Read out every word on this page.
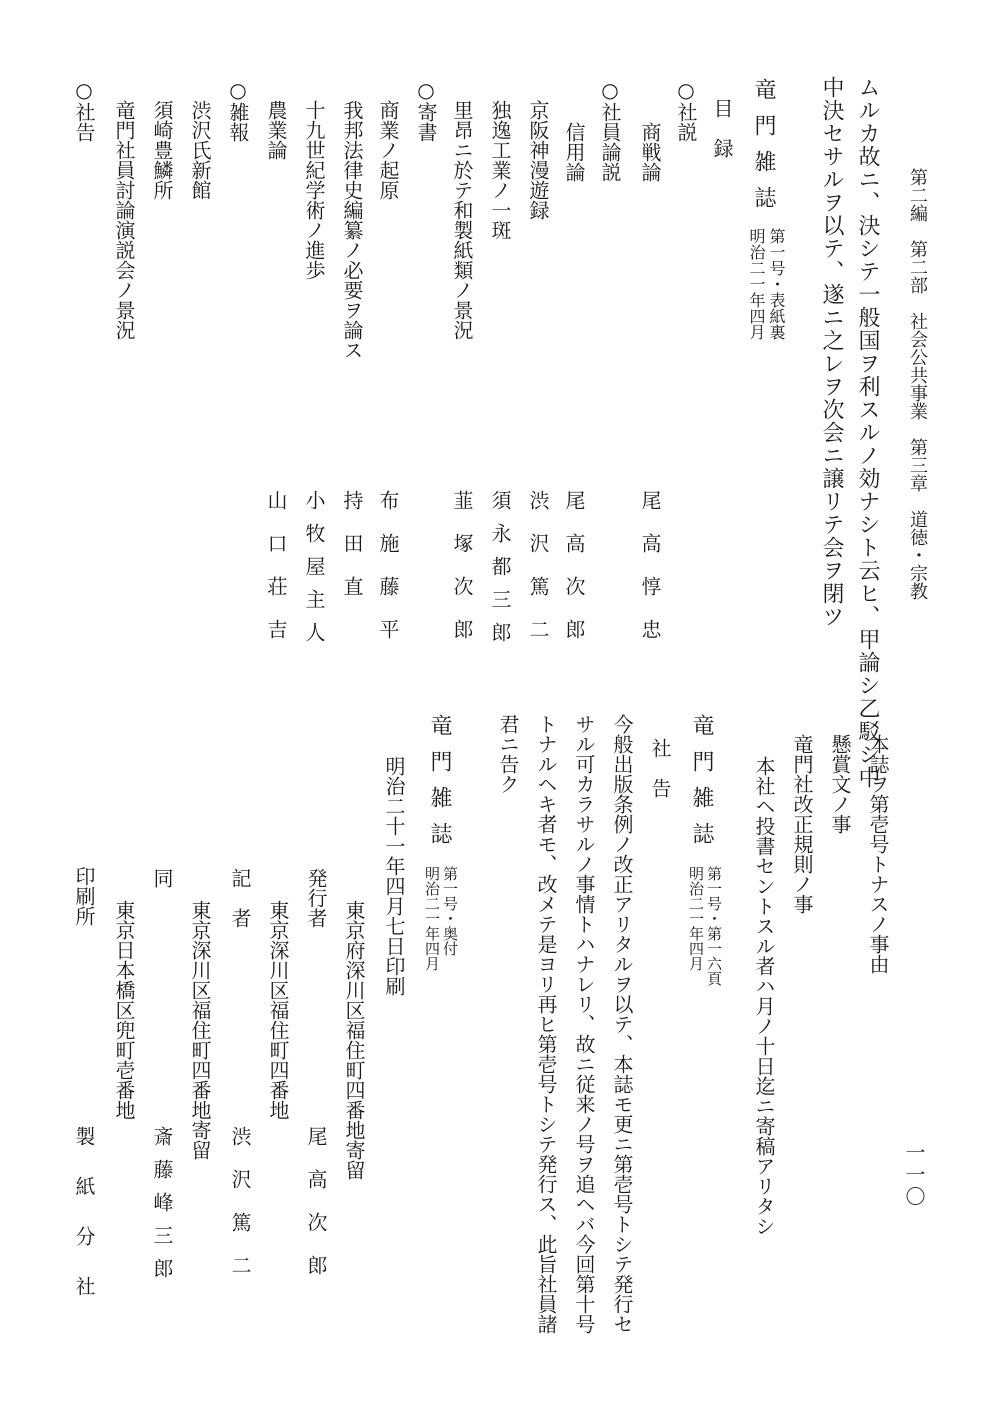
第二編　第二部　社会公共事業　第三章　道徳・宗教
一一〇
ムルカ故ニ、決シテ一般国ヲ利スルノ効ナシト云ヒ、甲論シ乙駁シ中
中決セサルヲ以テ、遂ニ之レヲ次会ニ譲リテ会ヲ閉ツ
竜門雑誌
第一号・表紙裏
明治二一年四月
目　録
○社説
商戦論
尾高惇忠
○社員論説
信用論
尾高次郎
京阪神漫遊録
渋沢篤二
独逸工業ノ一斑
須永都三郎
里昂ニ於テ和製紙類ノ景況
韮塚次郎
○寄書
商業ノ起原
布施藤平
我邦法律史編纂ノ必要ヲ論ス
持田直
十九世紀学術ノ進歩
小牧屋主人
農業論
山口荘吉
○雑報
渋沢氏新館
須崎豊鱗所
竜門社員討論演説会ノ景況
○社告
本誌ヲ第壱号トナスノ事由
懸賞文ノ事
竜門社改正規則ノ事
本社ヘ投書セントスル者ハ月ノ十日迄ニ寄稿アリタシ
竜門雑誌
第一号・第一六頁
明治二一年四月
社　告
今般出版条例ノ改正アリタルヲ以テ、本誌モ更ニ第壱号トシテ発行セ
サル可カラサルノ事情トハナレリ、故ニ従来ノ号ヲ追ヘバ今回第十号
トナルヘキ者モ、改メテ是ヨリ再ヒ第壱号トシテ発行ス、此旨社員諸
君ニ告ク
竜門雑誌
第一号・奥付
明治二一年四月
明治二十一年四月七日印刷
東京府深川区福住町四番地寄留
発行者
尾高次郎
東京深川区福住町四番地
記　者
渋沢篤二
東京深川区福住町四番地寄留
同
斎藤峰三郎
東京日本橋区兜町壱番地
印刷所
製紙分社
